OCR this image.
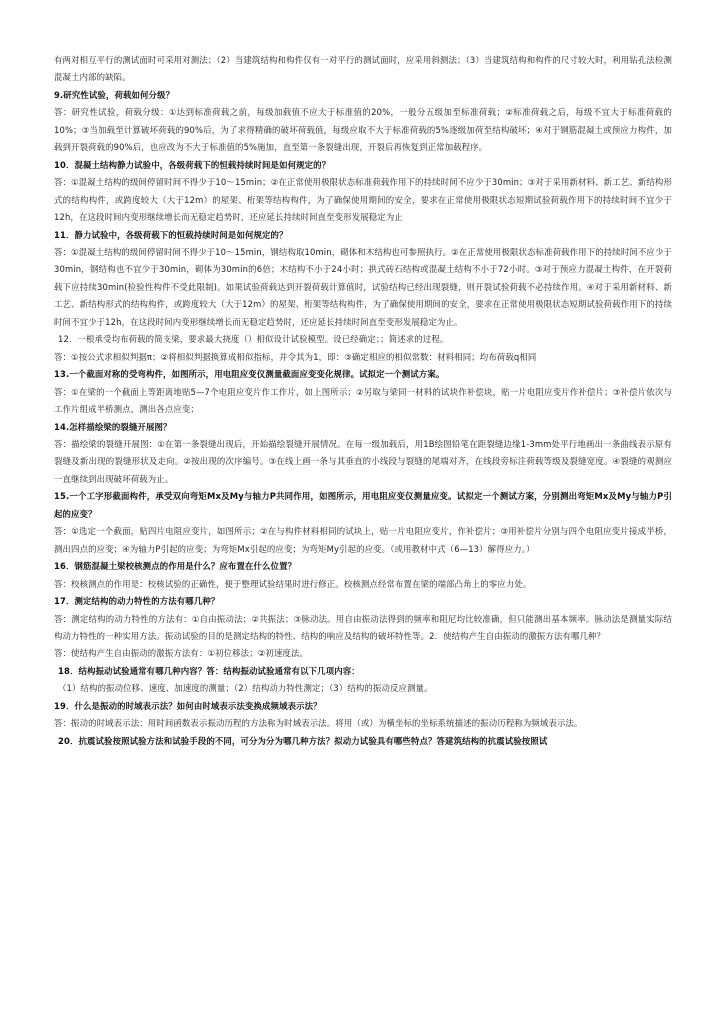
有两对相互平行的测试面时可采用对测法；（2）当建筑结构和构件仅有一对平行的测试面时，应采用斜测法；（3）当建筑结构和构件的尺寸较大时，利用钻孔法检测混凝土内部的缺陷。

9.研究性试验，荷载如何分级？

答：研究性试验，荷载分级：①达到标准荷载之前，每级加载值不应大于标准值的20%，一般分五级加至标准荷载；②标准荷载之后，每级不宜大于标准荷载的10%；③当加载至计算破坏荷载的90%后，为了求得精确的破坏荷载值，每级应取不大于标准荷载的5%逐级加荷至结构破坏；④对于钢筋混凝土或预应力构件，加载到开裂荷载的90%后，也应改为不大于标准值的5%施加，直至第一条裂缝出现，开裂后再恢复到正常加载程序。

10．混凝土结构静力试验中，各级荷载下的恒载持续时间是如何规定的？

答：①混凝土结构的级间停留时间不得少于10～15min；②在正常使用极限状态标准荷载作用下的持续时间不应少于30min；③对于采用新材料、新工艺、新结构形式的结构构件，或跨度较大（大于12m）的屋架、桁架等结构构件，为了确保使用期间的安全，要求在正常使用极限状态短期试验荷载作用下的持续时间不宜少于12h，在这段时间内变形继续增长而无稳定趋势时，还应延长持续时间直至变形发展稳定为止

11．静力试验中，各级荷载下的恒载持续时间是如何规定的？

答：①混凝土结构的级间停留时间不得少于10～15min，钢结构取10min，砌体和木结构也可参照执行。②在正常使用极限状态标准荷载作用下的持续时间不应少于30min，钢结构也不宜少于30min，砌体为30min的6倍；木结构不小于24小时；拱式砖石结构或混凝土结构不小于72小时。③对于预应力混凝土构件，在开裂荷载下应持续30min(检验性构件不受此限制)。如果试验荷载达到开裂荷载计算值时，试验结构已经出现裂缝，则开裂试验荷载不必持续作用。④对于采用新材料、新工艺、新结构形式的结构构件，或跨度较大（大于12m）的屋架、桁架等结构构件，为了确保使用期间的安全，要求在正常使用极限状态短期试验荷载作用下的持续时间不宜少于12h，在这段时间内变形继续增长而无稳定趋势时，还应延长持续时间直至变形发展稳定为止。

12．一根承受均布荷载的简支梁，要求最大挠度（）相似设计试验模型。设已经确定；；简述求的过程。

答：①按公式求相似判据π；②将相似判据换算成相似指标，并令其为1，即：③确定相应的相似常数：材料相同；均布荷载q相同

13.一个截面对称的受弯构件，如图所示，用电阻应变仪测量截面应变变化规律。试拟定一个测试方案。

答：①在梁的一个截面上等距离地贴5—7个电阻应变片作工作片，如上图所示；②另取与梁同一材料的试块作补偿块，贴一片电阻应变片作补偿片；③补偿片依次与工作片组成半桥测点，测出各点应变；

14.怎样描绘梁的裂缝开展图？

答：描绘梁的裂缝开展图：①在第一条裂缝出现后，开始描绘裂缝开展情况。在每一级加载后，用1B绘图铅笔在距裂缝边缘1-3mm处平行地画出一条曲线表示原有裂缝及新出现的裂缝形状及走向。②按出现的次序编号。③在线上画一条与其垂直的小线段与裂缝的尾端对齐，在线段旁标注荷载等级及裂缝宽度。④裂缝的观测应一直继续到出现破坏荷载为止。

15.一个工字形截面构件，承受双向弯矩Mx及My与轴力P共同作用，如图所示，用电阻应变仪测量应变。试拟定一个测试方案，分别测出弯矩Mx及My与轴力P引起的应变？

答：①选定一个截面，贴四片电阻应变片，如图所示；②在与构件材料相同的试块上，贴一片电阻应变片，作补偿片；③用补偿片分别与四个电阻应变片接成半桥，测出四点的应变；④为轴力P引起的应变；为弯矩Mx引起的应变；为弯矩My引起的应变。（或用教材中式（6—13）解得应力。）

16．钢筋混凝土梁校核测点的作用是什么？应布置在什么位置？

答：校核测点的作用是：校核试验的正确性，便于整理试验结果时进行修正。校核测点经常布置在梁的端部凸角上的零应力处。

17．测定结构的动力特性的方法有哪几种？

答：测定结构的动力特性的方法有：①自由振动法；②共振法；③脉动法。用自由振动法得到的频率和阻尼均比较准确，但只能测出基本频率。脉动法是测量实际结构动力特性的一种实用方法。振动试验的目的是测定结构的特性、结构的响应及结构的破坏特性等。2．使结构产生自由振动的激振方法有哪几种？

答：使结构产生自由振动的激振方法有：①初位移法；②初速度法。

18．结构振动试验通常有哪几种内容？答：结构振动试验通常有以下几项内容：

（1）结构的振动位移、速度、加速度的测量；（2）结构动力特性测定；（3）结构的振动反应测量。

19．什么是振动的时域表示法？如何由时域表示法变换成频域表示法？

答：振动的时域表示法：用时间函数表示振动历程的方法称为时域表示法。将用（或）为横坐标的坐标系统描述的振动历程称为频域表示法。

20．抗震试验按照试验方法和试验手段的不同，可分为分为哪几种方法？拟动力试验具有哪些特点？答建筑结构的抗震试验按照试
